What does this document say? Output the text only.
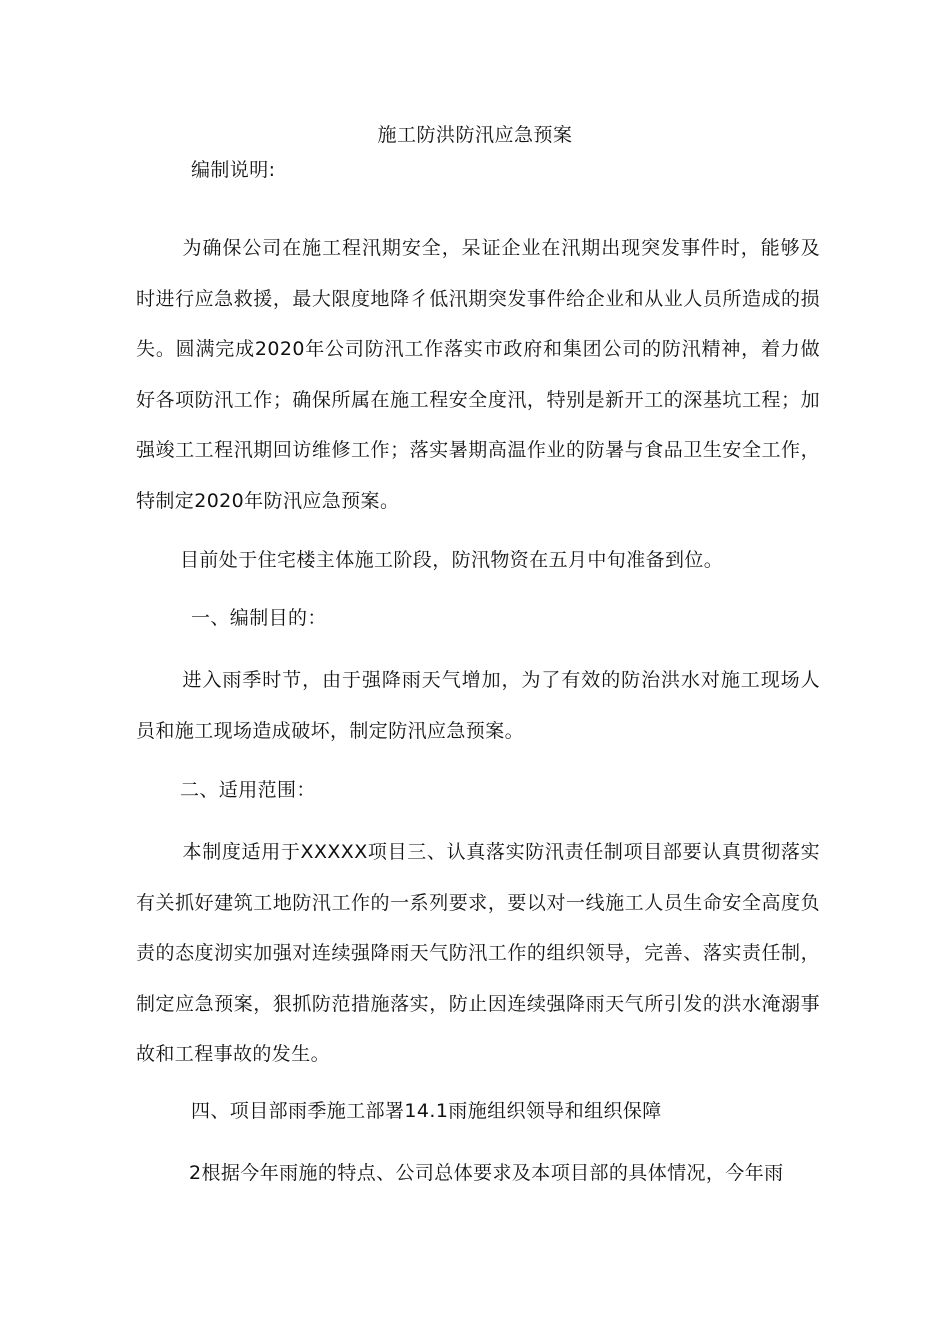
施工防洪防汛应急预案
编制说明:

为确保公司在施工程汛期安全，呆证企业在汛期出现突发事件时，能够及时进行应急救援，最大限度地降彳低汛期突发事件给企业和从业人员所造成的损失。圆满完成2020年公司防汛工作落实市政府和集团公司的防汛精神，着力做好各项防汛工作；确保所属在施工程安全度汛，特别是新开工的深基坑工程；加强竣工工程汛期回访维修工作；落实暑期高温作业的防暑与食品卫生安全工作，特制定2020年防汛应急预案。

目前处于住宅楼主体施工阶段，防汛物资在五月中旬准备到位。

一、编制目的：

进入雨季时节，由于强降雨天气增加，为了有效的防治洪水对施工现场人员和施工现场造成破坏，制定防汛应急预案。

二、适用范围：

本制度适用于XXXXX项目三、认真落实防汛责任制项目部要认真贯彻落实有关抓好建筑工地防汛工作的一系列要求，要以对一线施工人员生命安全高度负责的态度沏实加强对连续强降雨天气防汛工作的组织领导，完善、落实责任制，制定应急预案，狠抓防范措施落实，防止因连续强降雨天气所引发的洪水淹溺事故和工程事故的发生。

四、项目部雨季施工部署14.1雨施组织领导和组织保障

2根据今年雨施的特点、公司总体要求及本项目部的具体情况，今年雨
